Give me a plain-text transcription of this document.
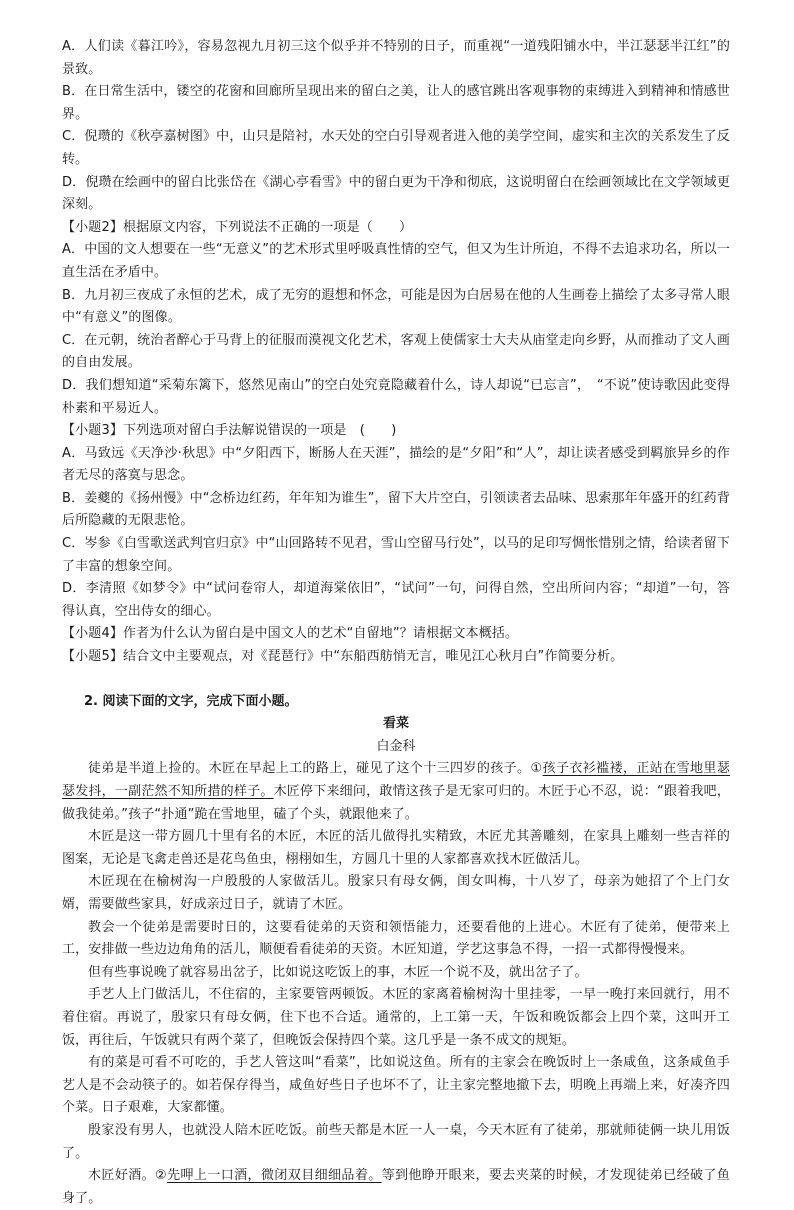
A．人们读《暮江吟》，容易忽视九月初三这个似乎并不特别的日子，而重视“一道残阳铺水中，半江瑟瑟半江红”的景致。

B．在日常生活中，镂空的花窗和回廊所呈现出来的留白之美，让人的感官跳出客观事物的束缚进入到精神和情感世界。

C．倪瓒的《秋亭嘉树图》中，山只是陪衬，水天处的空白引导观者进入他的美学空间，虚实和主次的关系发生了反转。

D．倪瓒在绘画中的留白比张岱在《湖心亭看雪》中的留白更为干净和彻底，这说明留白在绘画领域比在文学领域更深刻。

【小题2】根据原文内容，下列说法不正确的一项是（　　）

A．中国的文人想要在一些“无意义”的艺术形式里呼吸真性情的空气，但又为生计所迫，不得不去追求功名，所以一直生活在矛盾中。

B．九月初三夜成了永恒的艺术，成了无穷的遐想和怀念，可能是因为白居易在他的人生画卷上描绘了太多寻常人眼中“有意义”的图像。

C．在元朝，统治者醉心于马背上的征服而漠视文化艺术，客观上使儒家士大夫从庙堂走向乡野，从而推动了文人画的自由发展。

D．我们想知道“采菊东篱下，悠然见南山”的空白处究竟隐藏着什么，诗人却说“已忘言”，　“不说”使诗歌因此变得朴素和平易近人。

【小题3】下列选项对留白手法解说错误的一项是　(　　)

A．马致远《天净沙·秋思》中“夕阳西下，断肠人在天涯”，描绘的是“夕阳”和“人”，却让读者感受到羁旅异乡的作者无尽的落寞与思念。

B．姜夔的《扬州慢》中“念桥边红药，年年知为谁生”，留下大片空白，引领读者去品味、思索那年年盛开的红药背后所隐藏的无限悲怆。

C．岑参《白雪歌送武判官归京》中“山回路转不见君，雪山空留马行处”，以马的足印写惆怅惜别之情，给读者留下了丰富的想象空间。

D．李清照《如梦令》中“试问卷帘人，却道海棠依旧”，“试问”一句，问得自然，空出所问内容；“却道”一句，答得认真，空出侍女的细心。

【小题4】作者为什么认为留白是中国文人的艺术“自留地”？请根据文本概括。

【小题5】结合文中主要观点，对《琵琶行》中“东船西舫悄无言，唯见江心秋月白”作简要分析。

2. 阅读下面的文字，完成下面小题。

看菜

白金科

徒弟是半道上捡的。木匠在早起上工的路上，碰见了这个十三四岁的孩子。①孩子衣衫褴褛，正站在雪地里瑟瑟发抖，一副茫然不知所措的样子。木匠停下来细问，敢情这孩子是无家可归的。木匠于心不忍，说：“跟着我吧，做我徒弟。”孩子“扑通”跪在雪地里，磕了个头，就跟他来了。

木匠是这一带方圆几十里有名的木匠，木匠的活儿做得扎实精致，木匠尤其善雕刻，在家具上雕刻一些吉祥的图案，无论是飞禽走兽还是花鸟鱼虫，栩栩如生，方圆几十里的人家都喜欢找木匠做活儿。

木匠现在在榆树沟一户殷殷的人家做活儿。殷家只有母女俩，闺女叫梅，十八岁了，母亲为她招了个上门女婿，需要做些家具，好成亲过日子，就请了木匠。

教会一个徒弟是需要时日的，这要看徒弟的天资和领悟能力，还要看他的上进心。木匠有了徒弟，便带来上工，安排做一些边边角角的活儿，顺便看看徒弟的天资。木匠知道，学艺这事急不得，一招一式都得慢慢来。

但有些事说晚了就容易出岔子，比如说这吃饭上的事，木匠一个说不及，就出岔子了。

手艺人上门做活儿，不住宿的，主家要管两顿饭。木匠的家离着榆树沟十里挂零，一早一晚打来回就行，用不着住宿。再说了，殷家只有母女俩，住下也不合适。通常的，上工第一天，午饭和晚饭都会上四个菜，这叫开工饭，再往后，午饭就只有两个菜了，但晚饭会保持四个菜。这几乎是一条不成文的规矩。

有的菜是可看不可吃的，手艺人管这叫“看菜”，比如说这鱼。所有的主家会在晚饭时上一条咸鱼，这条咸鱼手艺人是不会动筷子的。如若保存得当，咸鱼好些日子也坏不了，让主家完整地撤下去，明晚上再端上来，好凑齐四个菜。日子艰难，大家都懂。

殷家没有男人，也就没人陪木匠吃饭。前些天都是木匠一人一桌，今天木匠有了徒弟，那就师徒俩一块儿用饭了。

木匠好酒。②先呷上一口酒，微闭双目细细品着。等到他睁开眼来，要去夹菜的时候，才发现徒弟已经破了鱼身了。
